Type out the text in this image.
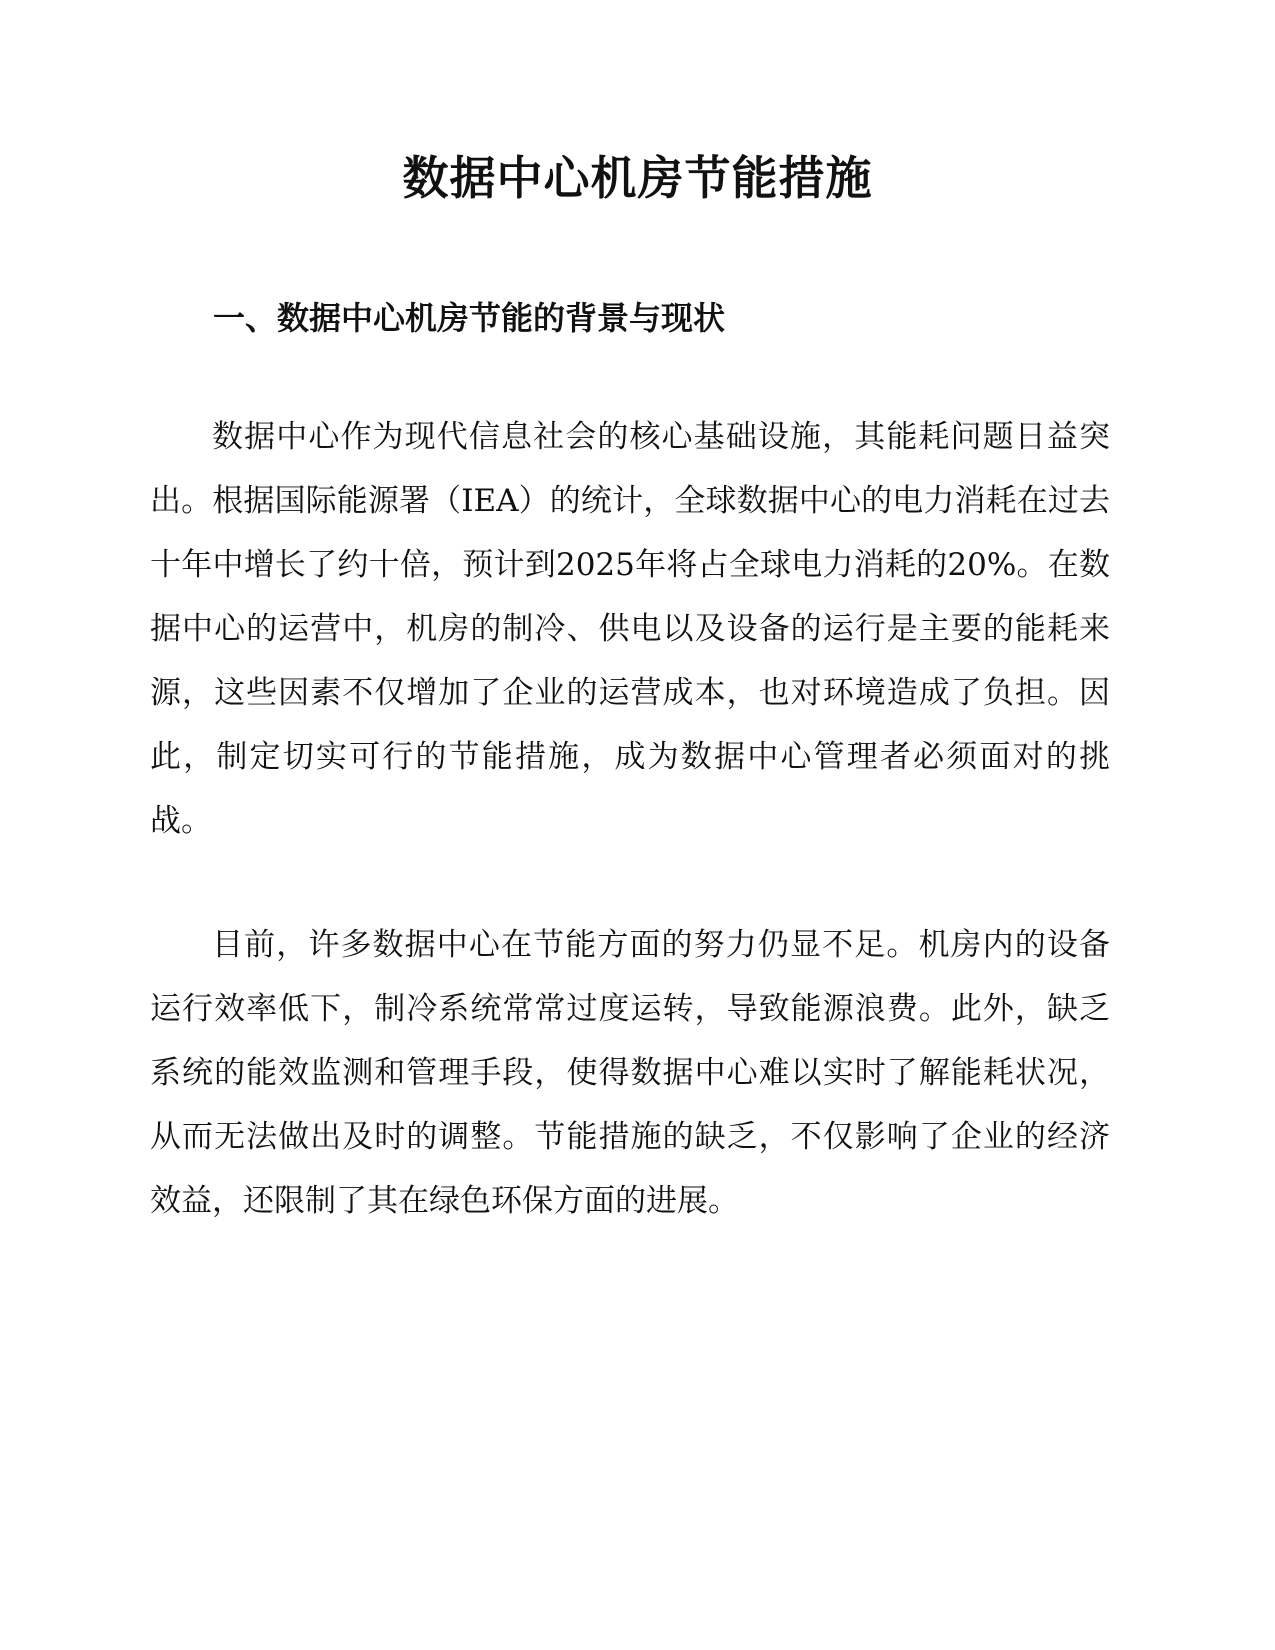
数据中心机房节能措施
一、数据中心机房节能的背景与现状

数据中心作为现代信息社会的核心基础设施，其能耗问题日益突出。根据国际能源署（IEA）的统计，全球数据中心的电力消耗在过去十年中增长了约十倍，预计到2025年将占全球电力消耗的20%。在数据中心的运营中，机房的制冷、供电以及设备的运行是主要的能耗来源，这些因素不仅增加了企业的运营成本，也对环境造成了负担。因此，制定切实可行的节能措施，成为数据中心管理者必须面对的挑战。

目前，许多数据中心在节能方面的努力仍显不足。机房内的设备运行效率低下，制冷系统常常过度运转，导致能源浪费。此外，缺乏系统的能效监测和管理手段，使得数据中心难以实时了解能耗状况，从而无法做出及时的调整。节能措施的缺乏，不仅影响了企业的经济效益，还限制了其在绿色环保方面的进展。
